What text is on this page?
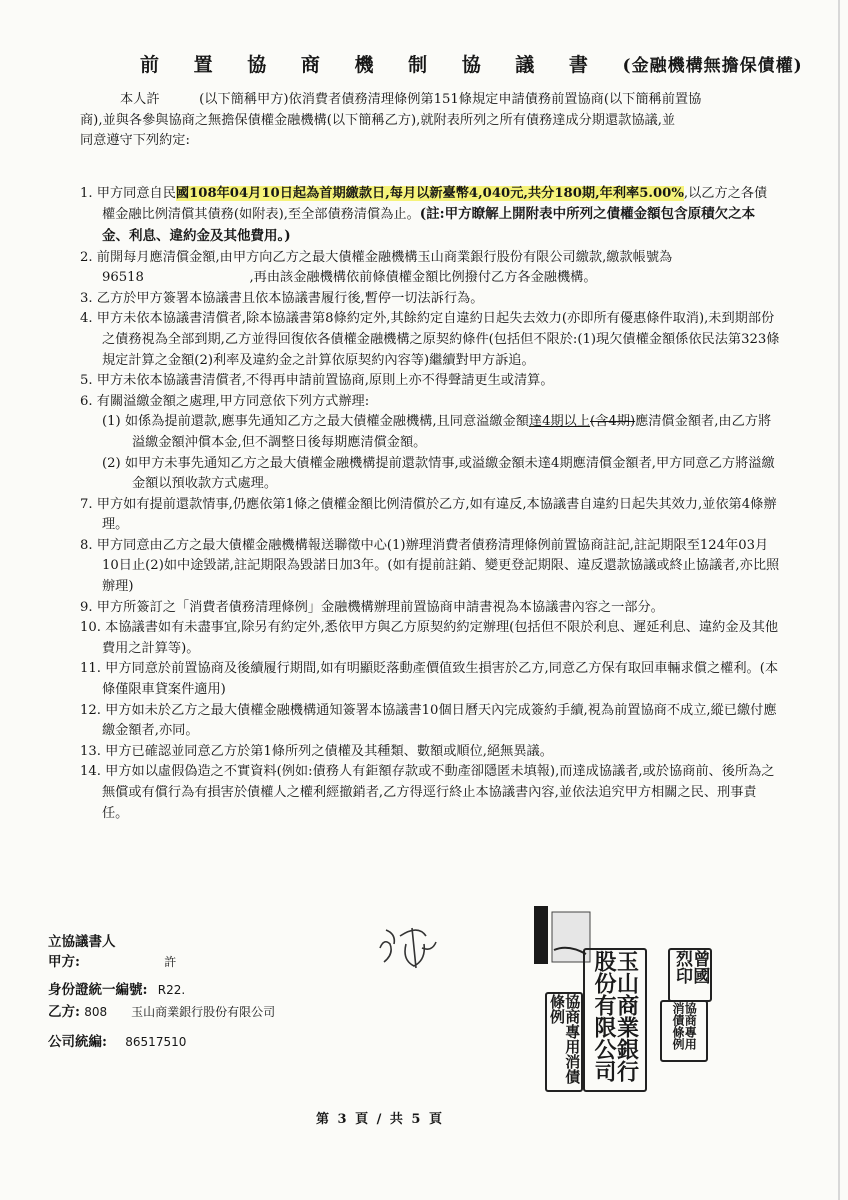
前 置 協 商 機 制 協 議 書 (金融機構無擔保債權)

本人許　　　(以下簡稱甲方)依消費者債務清理條例第151條規定申請債務前置協商(以下簡稱前置協

商),並與各參與協商之無擔保債權金融機構(以下簡稱乙方),就附表所列之所有債務達成分期還款協議,並

同意遵守下列約定:

1. 甲方同意自民國108年04月10日起為首期繳款日,每月以新臺幣4,040元,共分180期,年利率5.00%,以乙方之各債權金融比例清償其債務(如附表),至全部債務清償為止。(註:甲方瞭解上開附表中所列之債權金額包含原積欠之本金、利息、違約金及其他費用。)

2. 前開每月應清償金額,由甲方向乙方之最大債權金融機構玉山商業銀行股份有限公司繳款,繳款帳號為96518　　　　　　　　,再由該金融機構依前條債權金額比例撥付乙方各金融機構。

3. 乙方於甲方簽署本協議書且依本協議書履行後,暫停一切法訴行為。

4. 甲方未依本協議書清償者,除本協議書第8條約定外,其餘約定自違約日起失去效力(亦即所有優惠條件取消),未到期部份之債務視為全部到期,乙方並得回復依各債權金融機構之原契約條件(包括但不限於:(1)現欠債權金額係依民法第323條規定計算之金額(2)利率及違約金之計算依原契約內容等)繼續對甲方訴追。

5. 甲方未依本協議書清償者,不得再申請前置協商,原則上亦不得聲請更生或清算。

6. 有關溢繳金額之處理,甲方同意依下列方式辦理:

(1) 如係為提前還款,應事先通知乙方之最大債權金融機構,且同意溢繳金額達4期以上(含4期)應清償金額者,由乙方將溢繳金額沖償本金,但不調整日後每期應清償金額。

(2) 如甲方未事先通知乙方之最大債權金融機構提前還款情事,或溢繳金額未達4期應清償金額者,甲方同意乙方將溢繳金額以預收款方式處理。

7. 甲方如有提前還款情事,仍應依第1條之債權金額比例清償於乙方,如有違反,本協議書自違約日起失其效力,並依第4條辦理。

8. 甲方同意由乙方之最大債權金融機構報送聯徵中心(1)辦理消費者債務清理條例前置協商註記,註記期限至124年03月10日止(2)如中途毀諾,註記期限為毀諾日加3年。(如有提前註銷、變更登記期限、違反還款協議或終止協議者,亦比照辦理)

9. 甲方所簽訂之「消費者債務清理條例」金融機構辦理前置協商申請書視為本協議書內容之一部分。

10. 本協議書如有未盡事宜,除另有約定外,悉依甲方與乙方原契約約定辦理(包括但不限於利息、遲延利息、違約金及其他費用之計算等)。

11. 甲方同意於前置協商及後續履行期間,如有明顯貶落動產價值致生損害於乙方,同意乙方保有取回車輛求償之權利。(本條僅限車貸案件適用)

12. 甲方如未於乙方之最大債權金融機構通知簽署本協議書10個日曆天內完成簽約手續,視為前置協商不成立,縱已繳付應繳金額者,亦同。

13. 甲方已確認並同意乙方於第1條所列之債權及其種類、數額或順位,絕無異議。

14. 甲方如以虛假偽造之不實資料(例如:債務人有鉅額存款或不動產卻隱匿未填報),而達成協議者,或於協商前、後所為之無償或有償行為有損害於債權人之權利經撤銷者,乙方得逕行終止本協議書內容,並依法追究甲方相關之民、刑事責任。

立協議書人
甲方:	許
身份證統一編號: R22.
乙方: 808　　玉山商業銀行股份有限公司
公司統編: 86517510	協商專用消債條例	玉山商業銀行股份有限公司	協商專用消債條例
曾國烈印
第 3 頁 / 共 5 頁
